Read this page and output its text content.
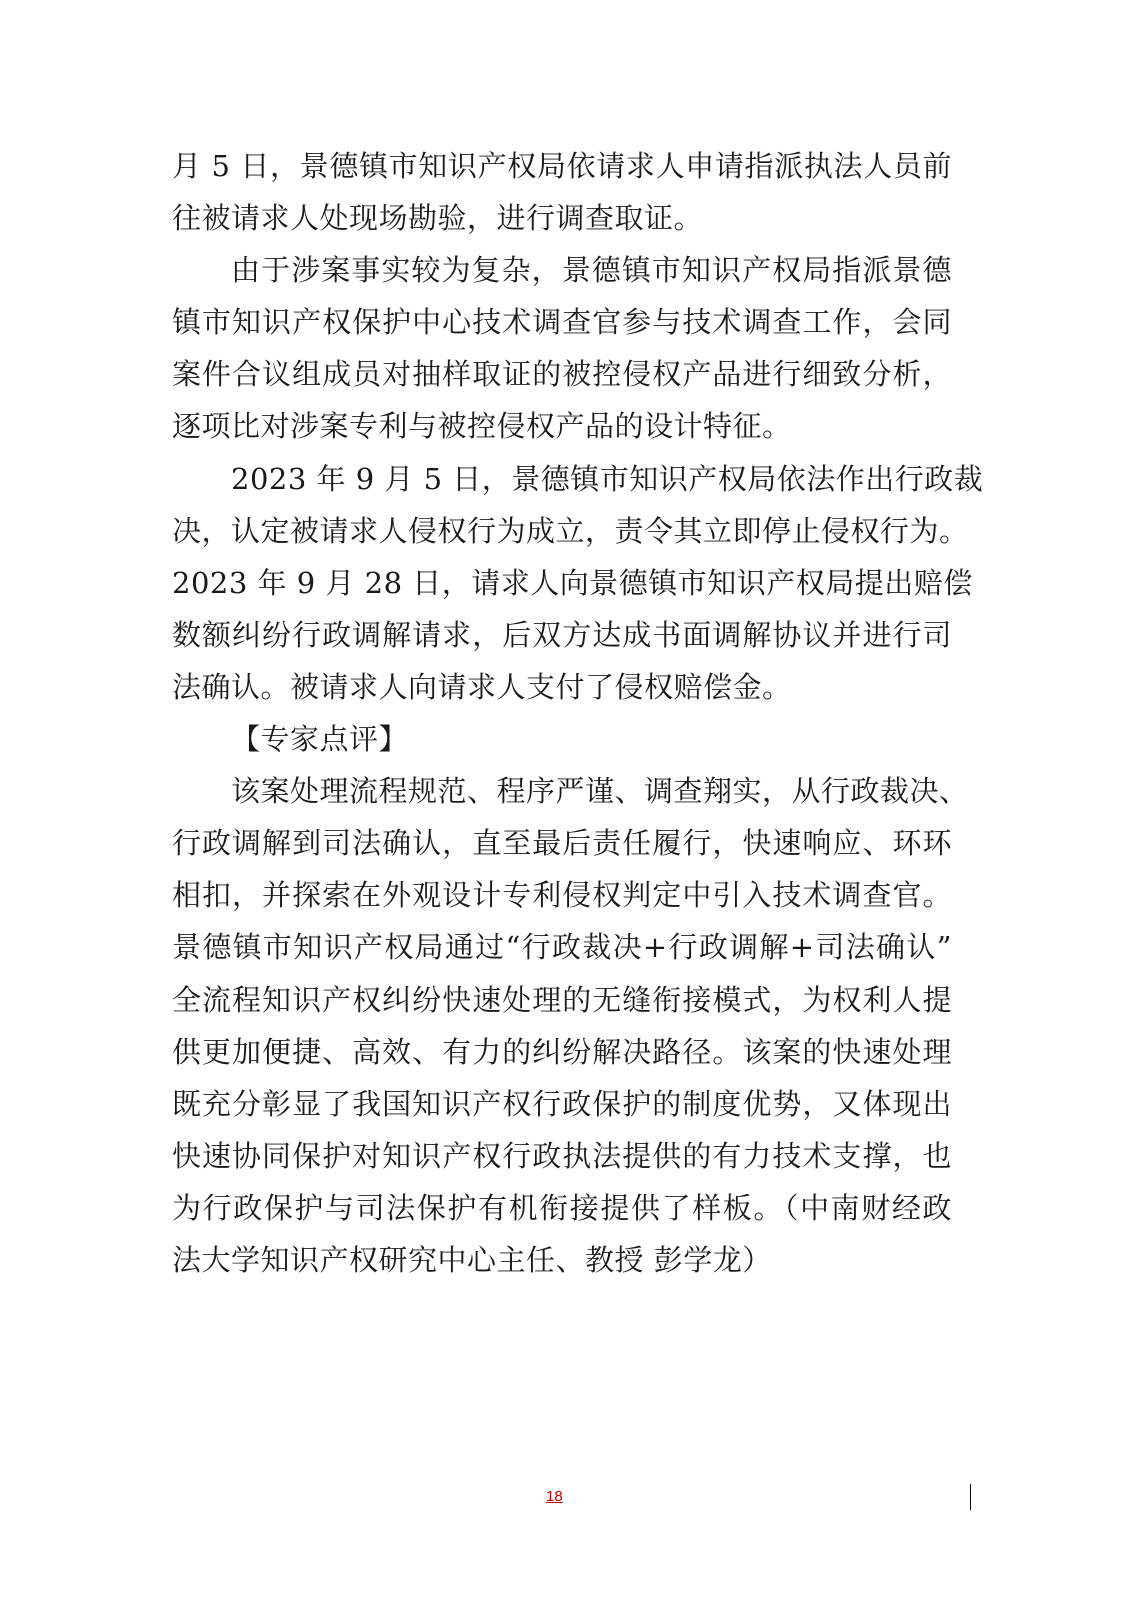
月 5 日，景德镇市知识产权局依请求人申请指派执法人员前
往被请求人处现场勘验，进行调查取证。
由于涉案事实较为复杂，景德镇市知识产权局指派景德
镇市知识产权保护中心技术调查官参与技术调查工作，会同
案件合议组成员对抽样取证的被控侵权产品进行细致分析，
逐项比对涉案专利与被控侵权产品的设计特征。
2023 年 9 月 5 日，景德镇市知识产权局依法作出行政裁
决，认定被请求人侵权行为成立，责令其立即停止侵权行为。
2023 年 9 月 28 日，请求人向景德镇市知识产权局提出赔偿
数额纠纷行政调解请求，后双方达成书面调解协议并进行司
法确认。被请求人向请求人支付了侵权赔偿金。
【专家点评】
该案处理流程规范、程序严谨、调查翔实，从行政裁决、
行政调解到司法确认，直至最后责任履行，快速响应、环环
相扣，并探索在外观设计专利侵权判定中引入技术调查官。
景德镇市知识产权局通过“行政裁决+行政调解+司法确认”
全流程知识产权纠纷快速处理的无缝衔接模式，为权利人提
供更加便捷、高效、有力的纠纷解决路径。该案的快速处理
既充分彰显了我国知识产权行政保护的制度优势，又体现出
快速协同保护对知识产权行政执法提供的有力技术支撑，也
为行政保护与司法保护有机衔接提供了样板。（中南财经政
法大学知识产权研究中心主任、教授 彭学龙）
18
